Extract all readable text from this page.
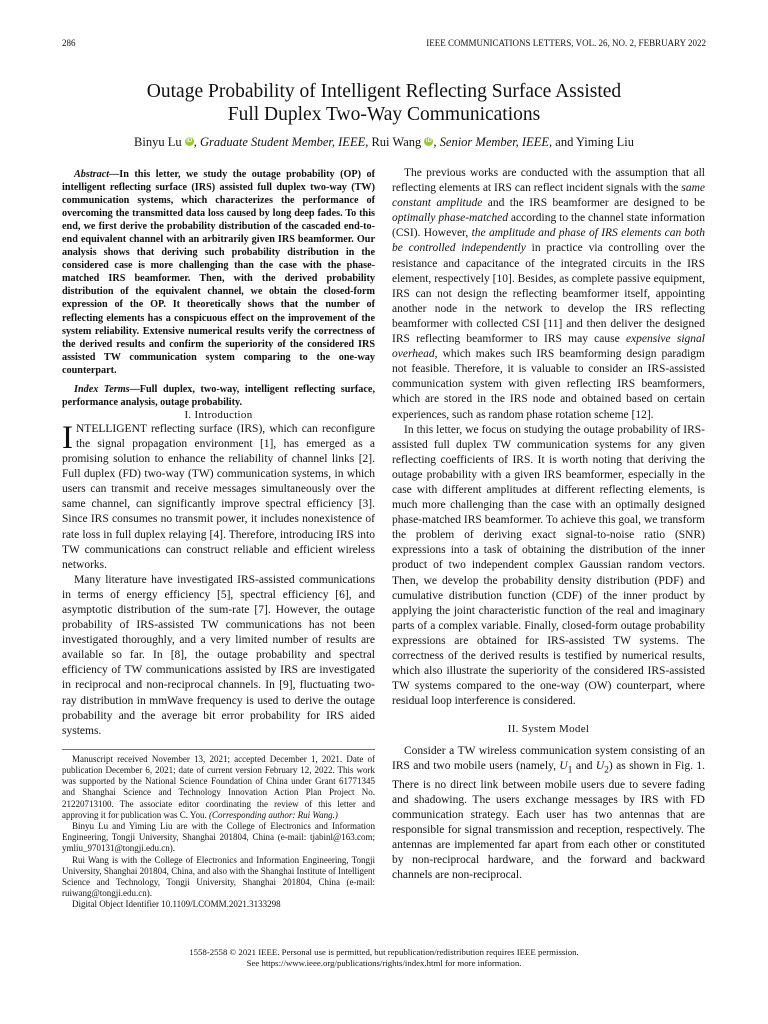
286	IEEE COMMUNICATIONS LETTERS, VOL. 26, NO. 2, FEBRUARY 2022
Outage Probability of Intelligent Reflecting Surface Assisted
Full Duplex Two-Way Communications
Binyu Lu iD , Graduate Student Member, IEEE, Rui Wang iD , Senior Member, IEEE, and Yiming Liu

Abstract—In this letter, we study the outage probability (OP) of intelligent reflecting surface (IRS) assisted full duplex two-way (TW) communication systems, which characterizes the performance of overcoming the transmitted data loss caused by long deep fades. To this end, we first derive the probability distribution of the cascaded end-to-end equivalent channel with an arbitrarily given IRS beamformer. Our analysis shows that deriving such probability distribution in the considered case is more challenging than the case with the phase-matched IRS beamformer. Then, with the derived probability distribution of the equivalent channel, we obtain the closed-form expression of the OP. It theoretically shows that the number of reflecting elements has a conspicuous effect on the improvement of the system reliability. Extensive numerical results verify the correctness of the derived results and confirm the superiority of the considered IRS assisted TW communication system comparing to the one-way counterpart.

Index Terms—Full duplex, two-way, intelligent reflecting surface, performance analysis, outage probability.

I. Introduction

INTELLIGENT reflecting surface (IRS), which can reconfigure the signal propagation environment [1], has emerged as a promising solution to enhance the reliability of channel links [2]. Full duplex (FD) two-way (TW) communication systems, in which users can transmit and receive messages simultaneously over the same channel, can significantly improve spectral efficiency [3]. Since IRS consumes no transmit power, it includes nonexistence of rate loss in full duplex relaying [4]. Therefore, introducing IRS into TW communications can construct reliable and efficient wireless networks.

Many literature have investigated IRS-assisted communications in terms of energy efficiency [5], spectral efficiency [6], and asymptotic distribution of the sum-rate [7]. However, the outage probability of IRS-assisted TW communications has not been investigated thoroughly, and a very limited number of results are available so far. In [8], the outage probability and spectral efficiency of TW communications assisted by IRS are investigated in reciprocal and non-reciprocal channels. In [9], fluctuating two-ray distribution in mmWave frequency is used to derive the outage probability and the average bit error probability for IRS aided systems.

Manuscript received November 13, 2021; accepted December 1, 2021. Date of publication December 6, 2021; date of current version February 12, 2022. This work was supported by the National Science Foundation of China under Grant 61771345 and Shanghai Science and Technology Innovation Action Plan Project No. 21220713100. The associate editor coordinating the review of this letter and approving it for publication was C. You. (Corresponding author: Rui Wang.)

Binyu Lu and Yiming Liu are with the College of Electronics and Information Engineering, Tongji University, Shanghai 201804, China (e-mail: tjabinl@163.com; ymliu_970131@tongji.edu.cn).

Rui Wang is with the College of Electronics and Information Engineering, Tongji University, Shanghai 201804, China, and also with the Shanghai Institute of Intelligent Science and Technology, Tongji University, Shanghai 201804, China (e-mail: ruiwang@tongji.edu.cn).

Digital Object Identifier 10.1109/LCOMM.2021.3133298

The previous works are conducted with the assumption that all reflecting elements at IRS can reflect incident signals with the same constant amplitude and the IRS beamformer are designed to be optimally phase-matched according to the channel state information (CSI). However, the amplitude and phase of IRS elements can both be controlled independently in practice via controlling over the resistance and capacitance of the integrated circuits in the IRS element, respectively [10]. Besides, as complete passive equipment, IRS can not design the reflecting beamformer itself, appointing another node in the network to develop the IRS reflecting beamformer with collected CSI [11] and then deliver the designed IRS reflecting beamformer to IRS may cause expensive signal overhead, which makes such IRS beamforming design paradigm not feasible. Therefore, it is valuable to consider an IRS-assisted communication system with given reflecting IRS beamformers, which are stored in the IRS node and obtained based on certain experiences, such as random phase rotation scheme [12].

In this letter, we focus on studying the outage probability of IRS-assisted full duplex TW communication systems for any given reflecting coefficients of IRS. It is worth noting that deriving the outage probability with a given IRS beamformer, especially in the case with different amplitudes at different reflecting elements, is much more challenging than the case with an optimally designed phase-matched IRS beamformer. To achieve this goal, we transform the problem of deriving exact signal-to-noise ratio (SNR) expressions into a task of obtaining the distribution of the inner product of two independent complex Gaussian random vectors. Then, we develop the probability density distribution (PDF) and cumulative distribution function (CDF) of the inner product by applying the joint characteristic function of the real and imaginary parts of a complex variable. Finally, closed-form outage probability expressions are obtained for IRS-assisted TW systems. The correctness of the derived results is testified by numerical results, which also illustrate the superiority of the considered IRS-assisted TW systems compared to the one-way (OW) counterpart, where residual loop interference is considered.

II. System Model

Consider a TW wireless communication system consisting of an IRS and two mobile users (namely, $U_1$ and $U_2$) as shown in Fig. 1. There is no direct link between mobile users due to severe fading and shadowing. The users exchange messages by IRS with FD communication strategy. Each user has two antennas that are responsible for signal transmission and reception, respectively. The antennas are implemented far apart from each other or constituted by non-reciprocal hardware, and the forward and backward channels are non-reciprocal.

1558-2558 © 2021 IEEE. Personal use is permitted, but republication/redistribution requires IEEE permission.
See https://www.ieee.org/publications/rights/index.html for more information.
